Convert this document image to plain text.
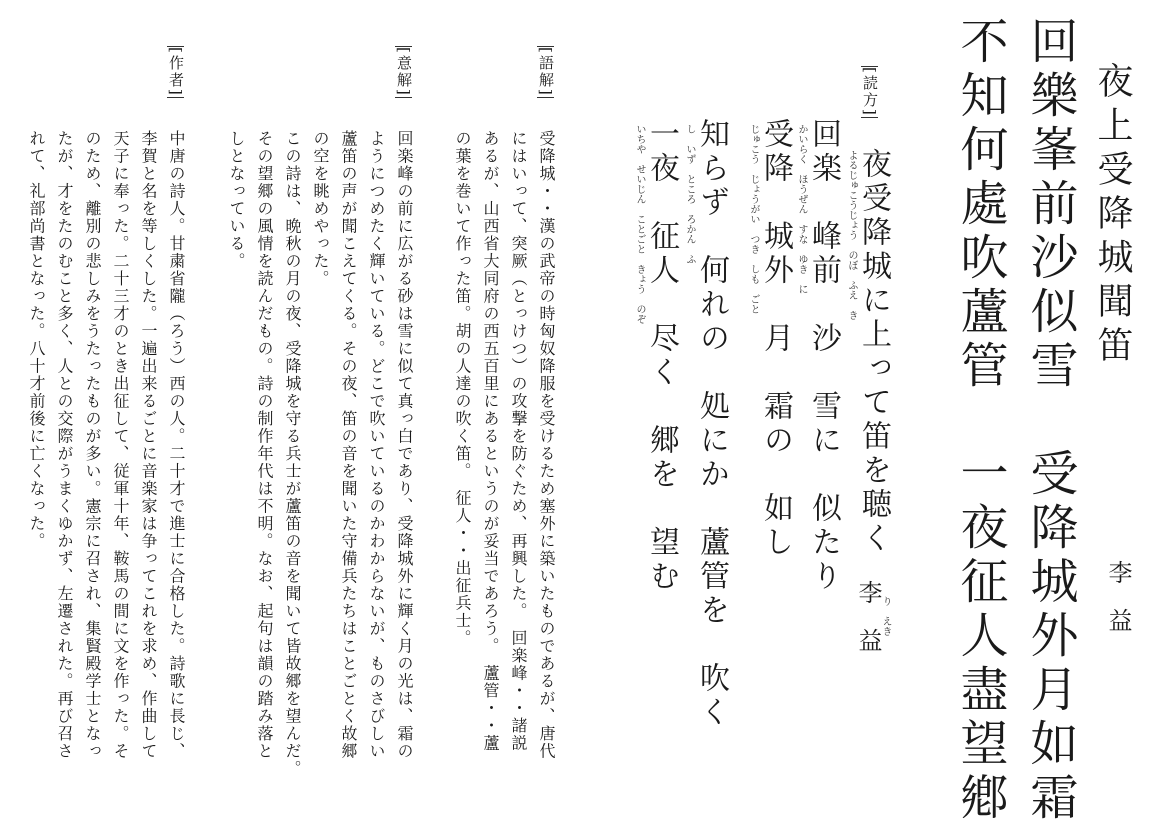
夜上受降城聞笛
李　益
回樂峯前沙似雪　受降城外月如霜
不知何處吹蘆管　一夜征人盡望鄕
[読方]
夜受降城に上って笛を聴く
よるじゅこうじょう　のぼ　ふえ　き
李　益
り　えき
回楽　峰前　沙　雪に　似たり
かいらく　ほうぜん　すな　ゆき　に
受降　城外　月　霜の　如し
じゅこう　じょうがい　つき　しも　ごと
知らず　何れの　処にか　蘆管を　吹く
し　いず　ところ　ろかん　ふ
一夜　征人　尽く　郷を　望む
いちや　せいじん　ことごと　きょう　のぞ
[語解]
受降城・・漢の武帝の時匈奴降服を受けるため塞外に築いたものであるが、唐代
にはいって、突厥（とっけつ）の攻撃を防ぐため、再興した。　回楽峰・・諸説
あるが、山西省大同府の西五百里にあるというのが妥当であろう。　蘆管・・蘆
の葉を巻いて作った笛。胡の人達の吹く笛。　征人・・出征兵士。
[意解]
回楽峰の前に広がる砂は雪に似て真っ白であり、受降城外に輝く月の光は、霜の
ようにつめたく輝いている。どこで吹いているのかわからないが、ものさびしい
蘆笛の声が聞こえてくる。その夜、笛の音を聞いた守備兵たちはことごとく故郷
の空を眺めやった。
この詩は、晩秋の月の夜、受降城を守る兵士が蘆笛の音を聞いて皆故郷を望んだ。
その望郷の風情を読んだもの。詩の制作年代は不明。なお、起句は韻の踏み落と
しとなっている。
[作者]
中唐の詩人。甘粛省隴（ろう）西の人。二十才で進士に合格した。詩歌に長じ、
李賀と名を等しくした。一遍出来るごとに音楽家は争ってこれを求め、作曲して
天子に奉った。二十三才のとき出征して、従軍十年、鞍馬の間に文を作った。そ
のため、離別の悲しみをうたったものが多い。憲宗に召され、集賢殿学士となっ
たが、才をたのむこと多く、人との交際がうまくゆかず、左遷された。再び召さ
れて、礼部尚書となった。八十才前後に亡くなった。
